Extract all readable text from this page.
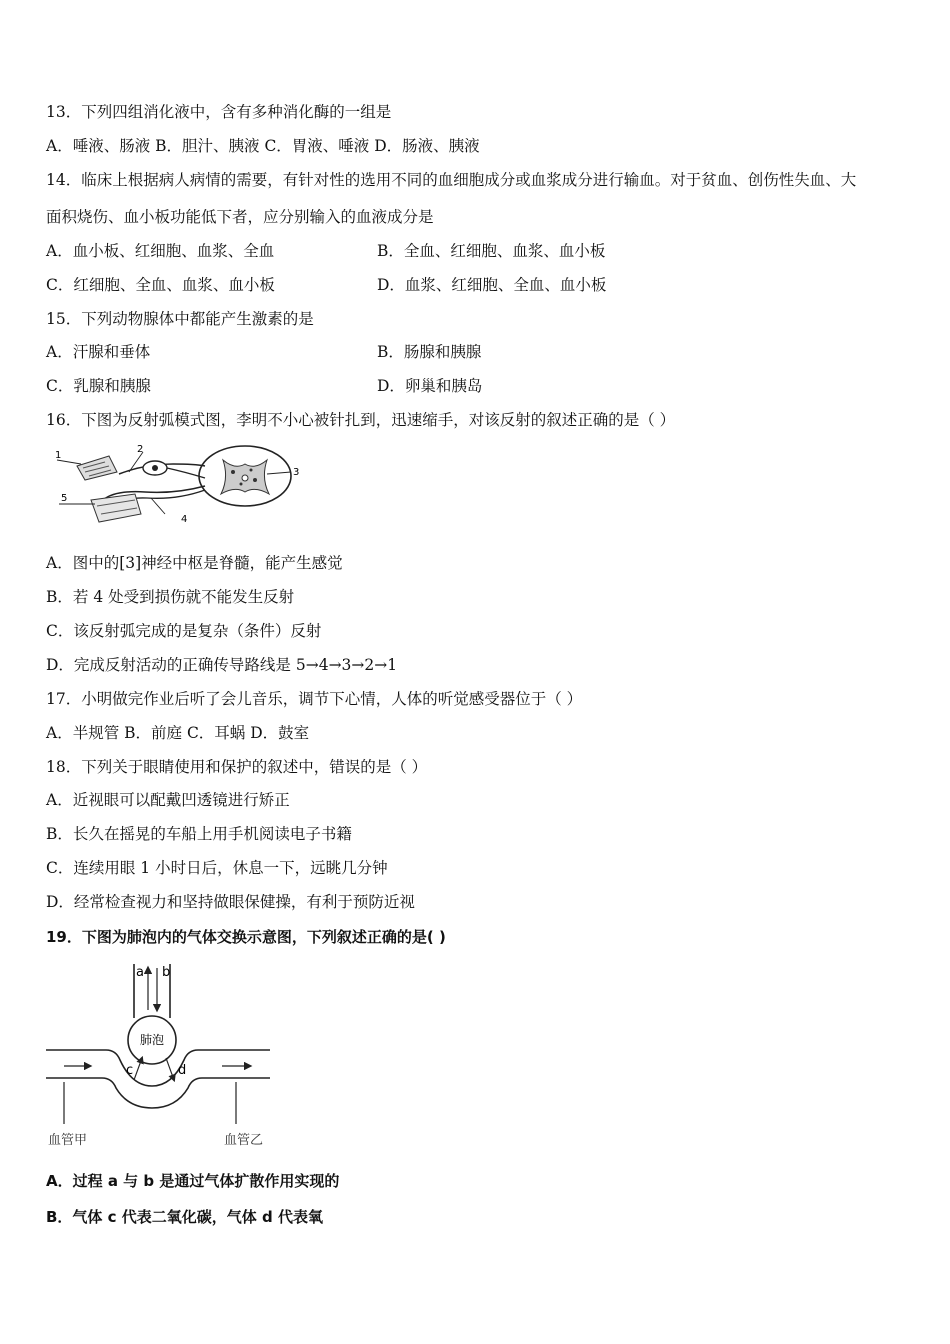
13．下列四组消化液中，含有多种消化酶的一组是
A．唾液、肠液 B．胆汁、胰液 C．胃液、唾液 D．肠液、胰液
14．临床上根据病人病情的需要，有针对性的选用不同的血细胞成分或血浆成分进行输血。对于贫血、创伤性失血、大
面积烧伤、血小板功能低下者，应分别输入的血液成分是
A．血小板、红细胞、血浆、全血	B．全血、红细胞、血浆、血小板
C．红细胞、全血、血浆、血小板	D．血浆、红细胞、全血、血小板
15．下列动物腺体中都能产生激素的是
A．汗腺和垂体	B．肠腺和胰腺
C．乳腺和胰腺	D．卵巢和胰岛
16．下图为反射弧模式图，李明不小心被针扎到，迅速缩手，对该反射的叙述正确的是（ ）
1
2
3
4
5
A．图中的[3]神经中枢是脊髓，能产生感觉
B．若 4 处受到损伤就不能发生反射
C．该反射弧完成的是复杂（条件）反射
D．完成反射活动的正确传导路线是 5→4→3→2→1
17．小明做完作业后听了会儿音乐，调节下心情，人体的听觉感受器位于（ ）
A．半规管 B．前庭 C．耳蜗 D．鼓室
18．下列关于眼睛使用和保护的叙述中，错误的是（ ）
A．近视眼可以配戴凹透镜进行矫正
B．长久在摇晃的车船上用手机阅读电子书籍
C．连续用眼 1 小时日后，休息一下，远眺几分钟
D．经常检查视力和坚持做眼保健操，有利于预防近视
19．下图为肺泡内的气体交换示意图，下列叙述正确的是( )
a b
肺泡
c	d
血管甲	血管乙
A．过程 a 与 b 是通过气体扩散作用实现的
B．气体 c 代表二氧化碳，气体 d 代表氧
